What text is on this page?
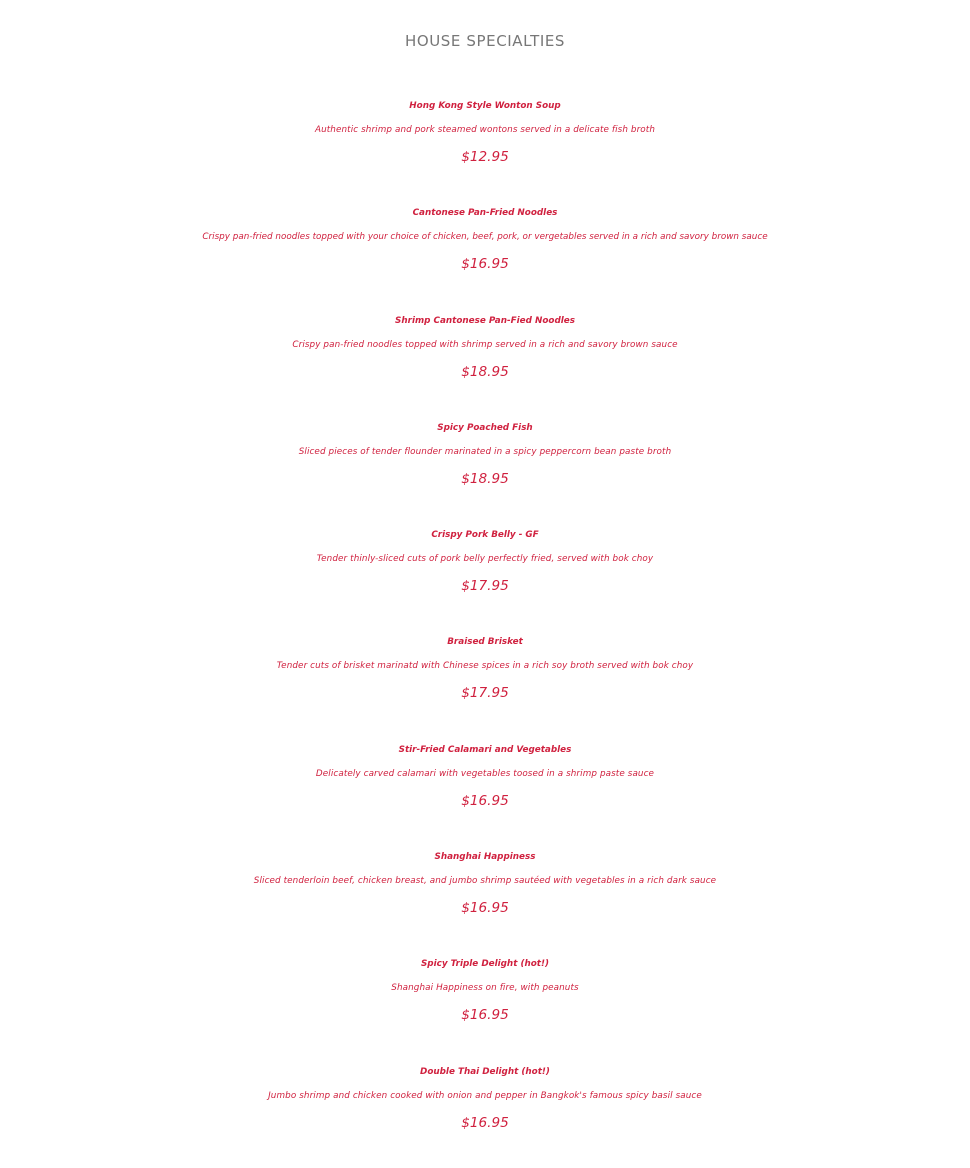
HOUSE SPECIALTIES
Hong Kong Style Wonton Soup
Authentic shrimp and pork steamed wontons served in a delicate fish broth
$12.95
Cantonese Pan-Fried Noodles
Crispy pan-fried noodles topped with your choice of chicken, beef, pork, or vergetables served in a rich and savory brown sauce
$16.95
Shrimp Cantonese Pan-Fied Noodles
Crispy pan-fried noodles topped with shrimp served in a rich and savory brown sauce
$18.95
Spicy Poached Fish
Sliced pieces of tender flounder marinated in a spicy peppercorn bean paste broth
$18.95
Crispy Pork Belly - GF
Tender thinly-sliced cuts of pork belly perfectly fried, served with bok choy
$17.95
Braised Brisket
Tender cuts of brisket marinatd with Chinese spices in a rich soy broth served with bok choy
$17.95
Stir-Fried Calamari and Vegetables
Delicately carved calamari with vegetables toosed in a shrimp paste sauce
$16.95
Shanghai Happiness
Sliced tenderloin beef, chicken breast, and jumbo shrimp sautéed with vegetables in a rich dark sauce
$16.95
Spicy Triple Delight (hot!)
Shanghai Happiness on fire, with peanuts
$16.95
Double Thai Delight (hot!)
Jumbo shrimp and chicken cooked with onion and pepper in Bangkok's famous spicy basil sauce
$16.95
